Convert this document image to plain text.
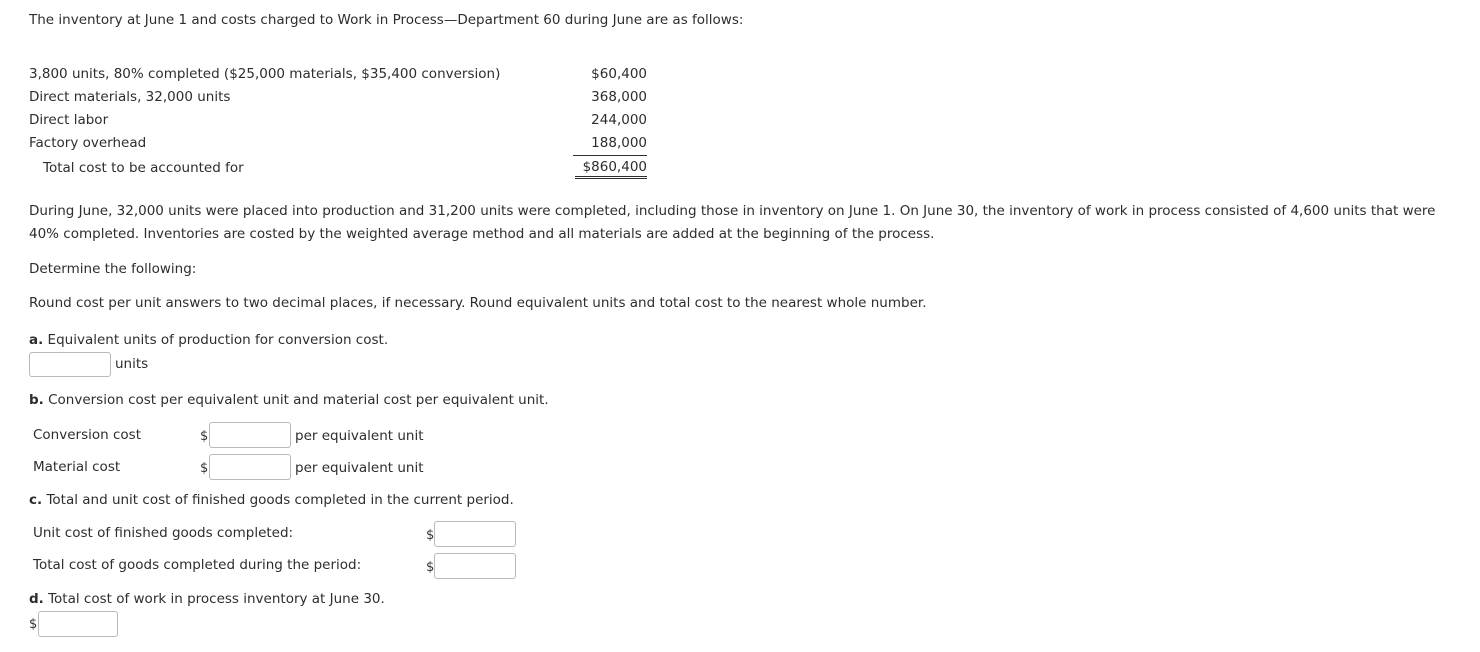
The inventory at June 1 and costs charged to Work in Process—Department 60 during June are as follows:
3,800 units, 80% completed ($25,000 materials, $35,400 conversion)	$60,400
Direct materials, 32,000 units	368,000
Direct labor	244,000
Factory overhead	188,000
Total cost to be accounted for	$860,400
During June, 32,000 units were placed into production and 31,200 units were completed, including those in inventory on June 1. On June 30, the inventory of work in process consisted of 4,600 units that were 40% completed. Inventories are costed by the weighted average method and all materials are added at the beginning of the process.
Determine the following:
Round cost per unit answers to two decimal places, if necessary. Round equivalent units and total cost to the nearest whole number.
a. Equivalent units of production for conversion cost.
units
b. Conversion cost per equivalent unit and material cost per equivalent unit.
Conversion cost	$	per equivalent unit
Material cost	$	per equivalent unit
c. Total and unit cost of finished goods completed in the current period.
Unit cost of finished goods completed:	$
Total cost of goods completed during the period:	$
d. Total cost of work in process inventory at June 30.
$
